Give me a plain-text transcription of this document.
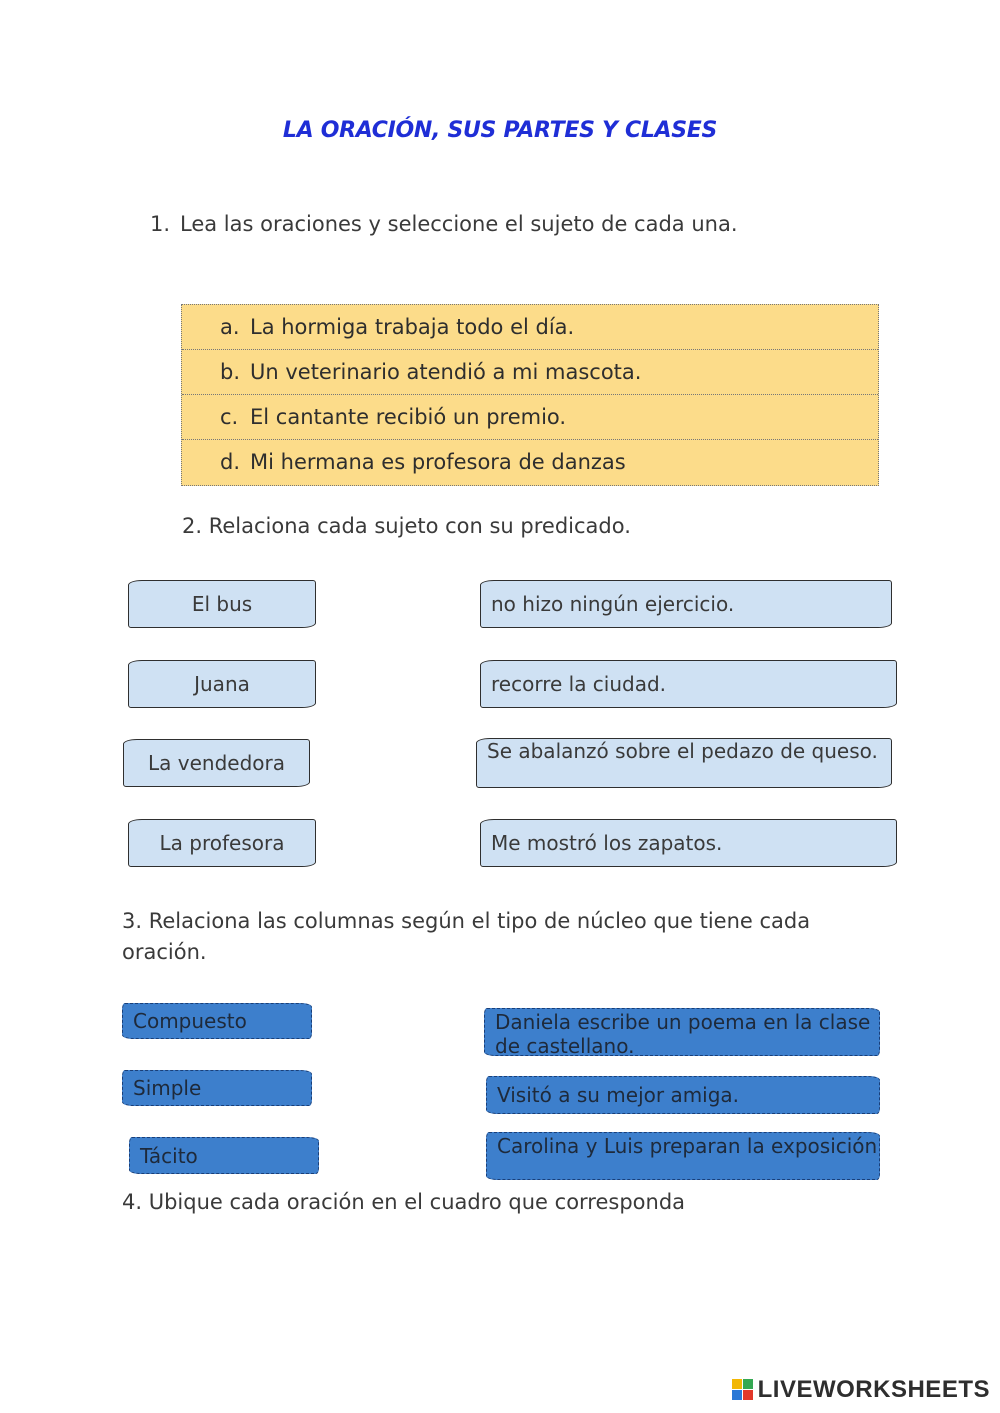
LA ORACIÓN, SUS PARTES Y CLASES
1. Lea las oraciones y seleccione el sujeto de cada una.
a. La hormiga trabaja todo el día.
b. Un veterinario atendió a mi mascota.
c. El cantante recibió un premio.
d. Mi hermana es profesora de danzas
2. Relaciona cada sujeto con su predicado.
El bus
Juana
La vendedora
La profesora
no hizo ningún ejercicio.
recorre la ciudad.
Se abalanzó sobre el pedazo de queso.
Me mostró los zapatos.
3. Relaciona las columnas según el tipo de núcleo que tiene cada oración.
Compuesto
Simple
Tácito
Daniela escribe un poema en la clase de castellano.
Visitó a su mejor amiga.
Carolina y Luis preparan la exposición
4. Ubique cada oración en el cuadro que corresponda
LIVEWORKSHEETS
